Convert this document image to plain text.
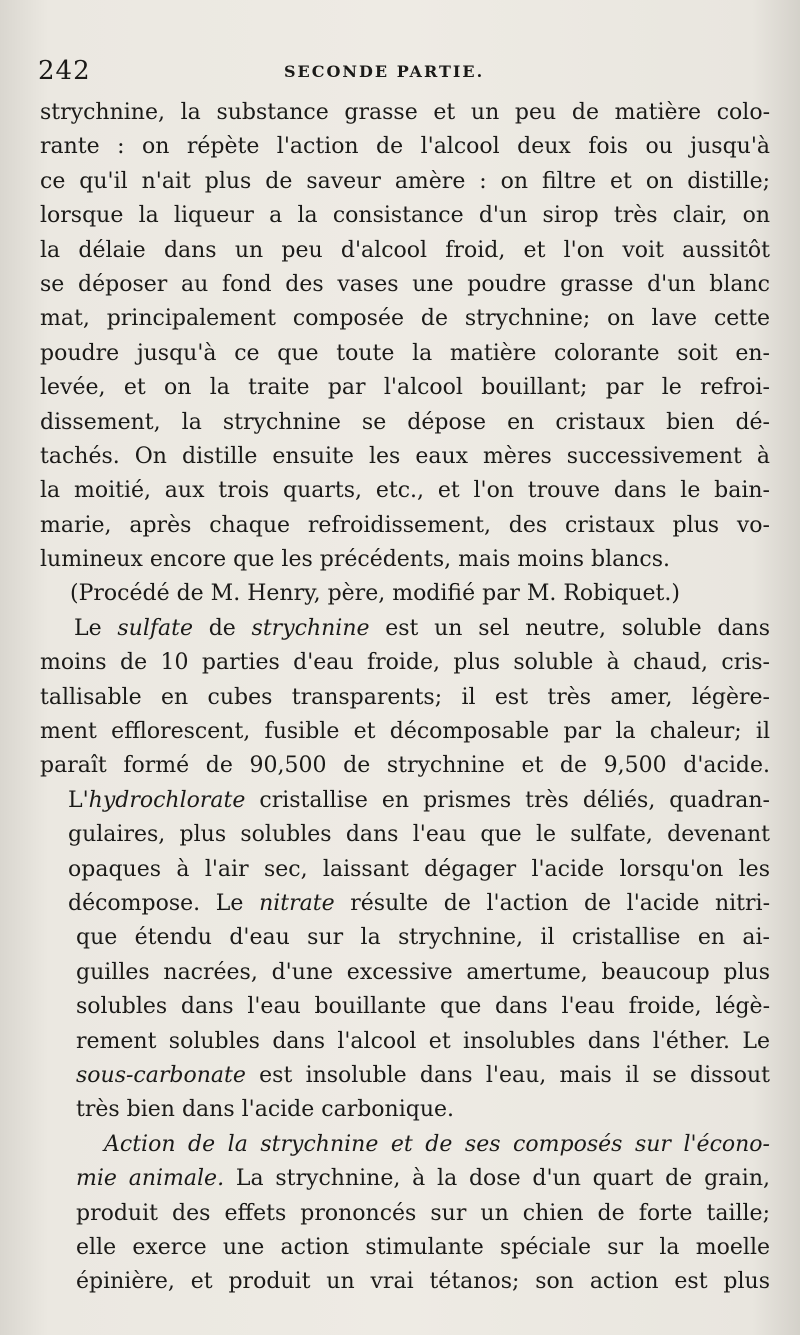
242	SECONDE PARTIE.
strychnine, la substance grasse et un peu de matière colo-
rante : on répète l'action de l'alcool deux fois ou jusqu'à
ce qu'il n'ait plus de saveur amère : on filtre et on distille;
lorsque la liqueur a la consistance d'un sirop très clair, on
la délaie dans un peu d'alcool froid, et l'on voit aussitôt
se déposer au fond des vases une poudre grasse d'un blanc
mat, principalement composée de strychnine; on lave cette
poudre jusqu'à ce que toute la matière colorante soit en-
levée, et on la traite par l'alcool bouillant; par le refroi-
dissement, la strychnine se dépose en cristaux bien dé-
tachés. On distille ensuite les eaux mères successivement à
la moitié, aux trois quarts, etc., et l'on trouve dans le bain-
marie, après chaque refroidissement, des cristaux plus vo-
lumineux encore que les précédents, mais moins blancs.
(Procédé de M. Henry, père, modifié par M. Robiquet.)
Le sulfate de strychnine est un sel neutre, soluble dans
moins de 10 parties d'eau froide, plus soluble à chaud, cris-
tallisable en cubes transparents; il est très amer, légère-
ment efflorescent, fusible et décomposable par la chaleur; il
paraît formé de 90,500 de strychnine et de 9,500 d'acide.
L'hydrochlorate cristallise en prismes très déliés, quadran-
gulaires, plus solubles dans l'eau que le sulfate, devenant
opaques à l'air sec, laissant dégager l'acide lorsqu'on les
décompose. Le nitrate résulte de l'action de l'acide nitri-
que étendu d'eau sur la strychnine, il cristallise en ai-
guilles nacrées, d'une excessive amertume, beaucoup plus
solubles dans l'eau bouillante que dans l'eau froide, légè-
rement solubles dans l'alcool et insolubles dans l'éther. Le
sous-carbonate est insoluble dans l'eau, mais il se dissout
très bien dans l'acide carbonique.
Action de la strychnine et de ses composés sur l'écono-
mie animale. La strychnine, à la dose d'un quart de grain,
produit des effets prononcés sur un chien de forte taille;
elle exerce une action stimulante spéciale sur la moelle
épinière, et produit un vrai tétanos; son action est plus
